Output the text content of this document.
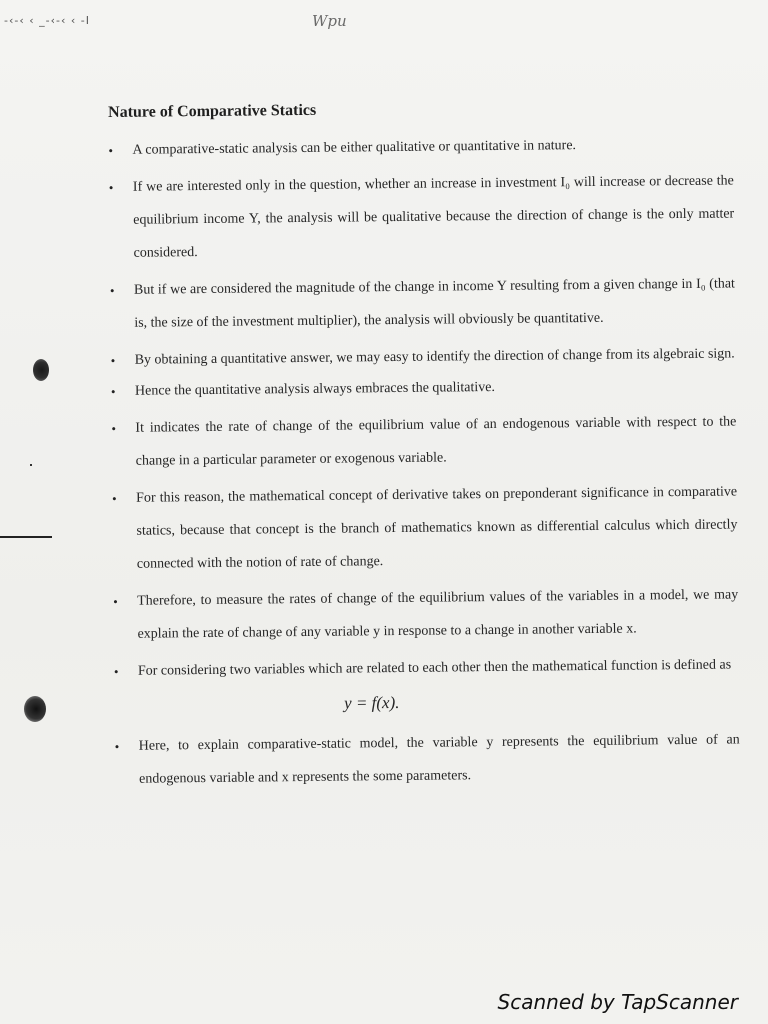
-‹-‹ ‹ _-‹-‹ ‹ -I	Wpu
Nature of Comparative Statics
• A comparative-static analysis can be either qualitative or quantitative in nature.
• If we are interested only in the question, whether an increase in investment I₀ will increase or decrease the equilibrium income Y, the analysis will be qualitative because the direction of change is the only matter considered.
• But if we are considered the magnitude of the change in income Y resulting from a given change in I₀ (that is, the size of the investment multiplier), the analysis will obviously be quantitative.
• By obtaining a quantitative answer, we may easy to identify the direction of change from its algebraic sign.
• Hence the quantitative analysis always embraces the qualitative.
• It indicates the rate of change of the equilibrium value of an endogenous variable with respect to the change in a particular parameter or exogenous variable.
• For this reason, the mathematical concept of derivative takes on preponderant significance in comparative statics, because that concept is the branch of mathematics known as differential calculus which directly connected with the notion of rate of change.
• Therefore, to measure the rates of change of the equilibrium values of the variables in a model, we may explain the rate of change of any variable y in response to a change in another variable x.
• For considering two variables which are related to each other then the mathematical function is defined as
y = f(x).
• Here, to explain comparative-static model, the variable y represents the equilibrium value of an endogenous variable and x represents the some parameters.
Scanned by TapScanner
